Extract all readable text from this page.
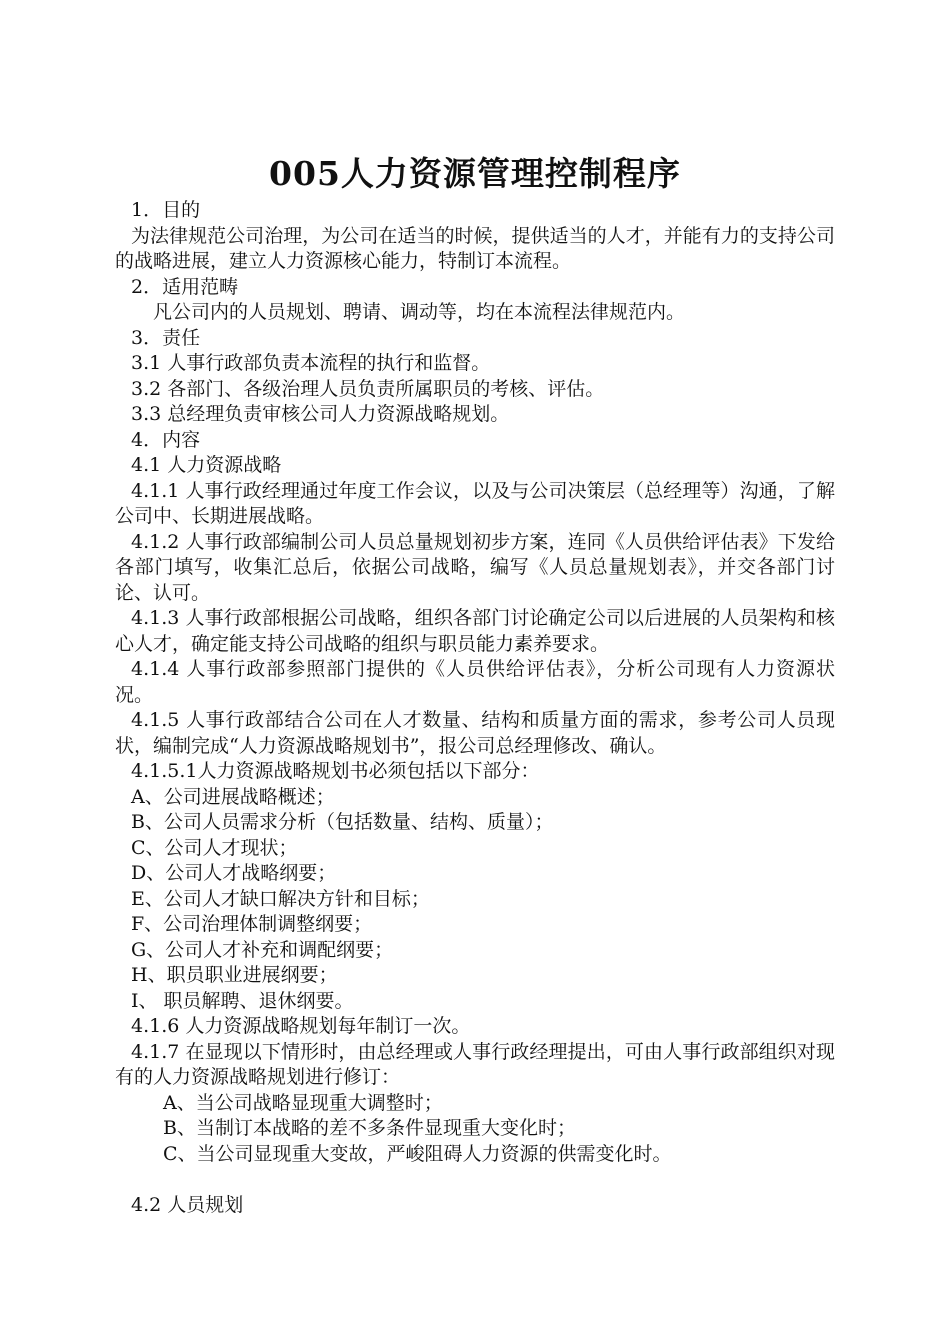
005人力资源管理控制程序

1．目的

为法律规范公司治理，为公司在适当的时候，提供适当的人才，并能有力的支持公司的战略进展，建立人力资源核心能力，特制订本流程。

2．适用范畴

凡公司内的人员规划、聘请、调动等，均在本流程法律规范内。

3．责任

3.1 人事行政部负责本流程的执行和监督。

3.2 各部门、各级治理人员负责所属职员的考核、评估。

3.3 总经理负责审核公司人力资源战略规划。

4．内容

4.1 人力资源战略

4.1.1 人事行政经理通过年度工作会议，以及与公司决策层（总经理等）沟通，了解公司中、长期进展战略。

4.1.2 人事行政部编制公司人员总量规划初步方案，连同《人员供给评估表》下发给各部门填写，收集汇总后，依据公司战略，编写《人员总量规划表》，并交各部门讨论、认可。

4.1.3 人事行政部根据公司战略，组织各部门讨论确定公司以后进展的人员架构和核心人才，确定能支持公司战略的组织与职员能力素养要求。

4.1.4 人事行政部参照部门提供的《人员供给评估表》，分析公司现有人力资源状况。

4.1.5 人事行政部结合公司在人才数量、结构和质量方面的需求，参考公司人员现状，编制完成“人力资源战略规划书”，报公司总经理修改、确认。

4.1.5.1人力资源战略规划书必须包括以下部分：

A、公司进展战略概述；

B、公司人员需求分析（包括数量、结构、质量）；

C、公司人才现状；

D、公司人才战略纲要；

E、公司人才缺口解决方针和目标；

F、公司治理体制调整纲要；

G、公司人才补充和调配纲要；

H、职员职业进展纲要；

I、 职员解聘、退休纲要。

4.1.6 人力资源战略规划每年制订一次。

4.1.7 在显现以下情形时，由总经理或人事行政经理提出，可由人事行政部组织对现有的人力资源战略规划进行修订：

A、当公司战略显现重大调整时；

B、当制订本战略的差不多条件显现重大变化时；

C、当公司显现重大变故，严峻阻碍人力资源的供需变化时。

4.2 人员规划
